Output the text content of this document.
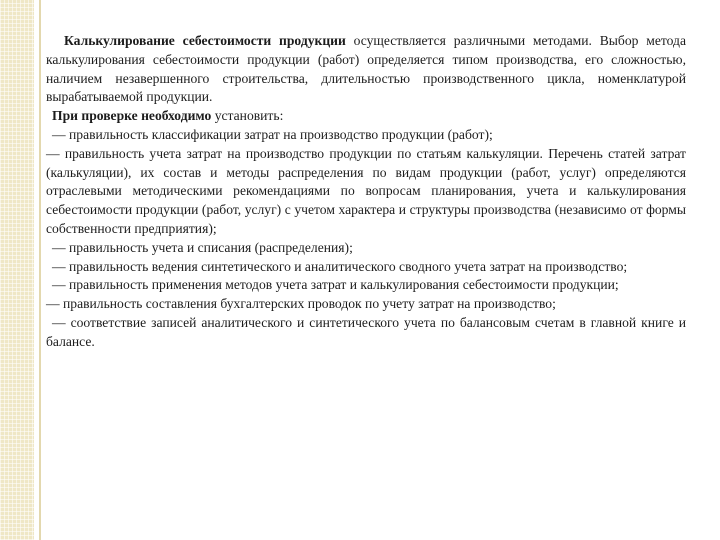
Калькулирование себестоимости продукции осуществляется различными методами. Выбор метода калькулирования себестоимости продукции (работ) определяется типом производства, его сложностью, наличием незавершенного строительства, длительностью производственного цикла, номенклатурой вырабатываемой продукции.

При проверке необходимо установить:

— правильность классификации затрат на производство продукции (работ);

— правильность учета затрат на производство продукции по статьям калькуляции. Перечень статей затрат (калькуляции), их состав и методы распределения по видам продукции (работ, услуг) определяются отраслевыми методическими рекомендациями по вопросам планирования, учета и калькулирования себестоимости продукции (работ, услуг) с учетом характера и структуры производства (независимо от формы собственности предприятия);

— правильность учета и списания (распределения);

— правильность ведения синтетического и аналитического сводного учета затрат на производство;

— правильность применения методов учета затрат и калькулирования себестоимости продукции;

— правильность составления бухгалтерских проводок по учету затрат на производство;

— соответствие записей аналитического и синтетического учета по балансовым счетам в главной книге и балансе.
